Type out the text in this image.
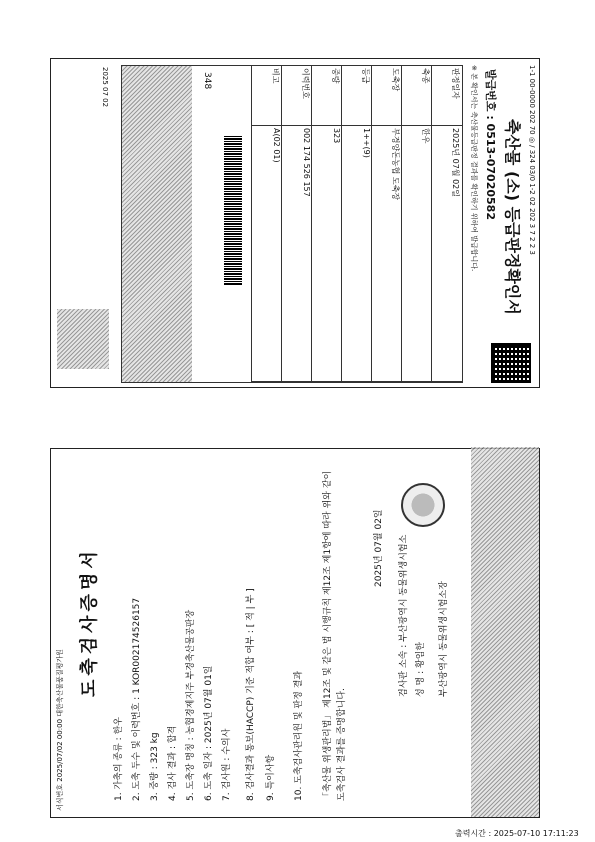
1-1 00-0000 202 70 ◎ / 324 03/0 1-2 02 202 3 7 2 2 3
축산물 (소) 등급판정확인서
발급번호 : 0513-07020582
※ 본 확인서는 축산물등급판정 결과를 확인하기 위하여 발급합니다.
판정일자
2025년 07월 02일
축종
한우
도축장
부경양돈농협 도축장
등급
1++(9)
중량
323
이력번호
002 174 526 157
비고
A(02 01)
348
2025 07 02
서식번호 2025/07/02 00:00 대한축산물품질평가원
도축검사증명서
1. 가축의 종류 : 한우
2. 도축 두수 및 이력번호 : 1 KOR002174526157
3. 중량 : 323 kg
4. 검사 결과 : 합격
5. 도축장 명칭 : 농협경제지주 부경축산물공판장
6. 도축 일자 : 2025년 07월 01일
7. 검사원 : 수의사	8. 검사결과 통보(HACCP) 기준 적합 여부 : [ 적 | 부 ]	9. 특이사항	10. 도축검사관리원 및 판정 결과 「축산물 위생관리법」 제12조 및 같은 법 시행규칙 제12조 제1항에 따라 위와 같이 도축검사 결과를 증명합니다.
2025년 07월 02일	검사관 소속 : 부산광역시 동물위생시험소 성 명 : 황임한	부산광역시 동물위생시험소장
출력시간 : 2025-07-10 17:11:23
